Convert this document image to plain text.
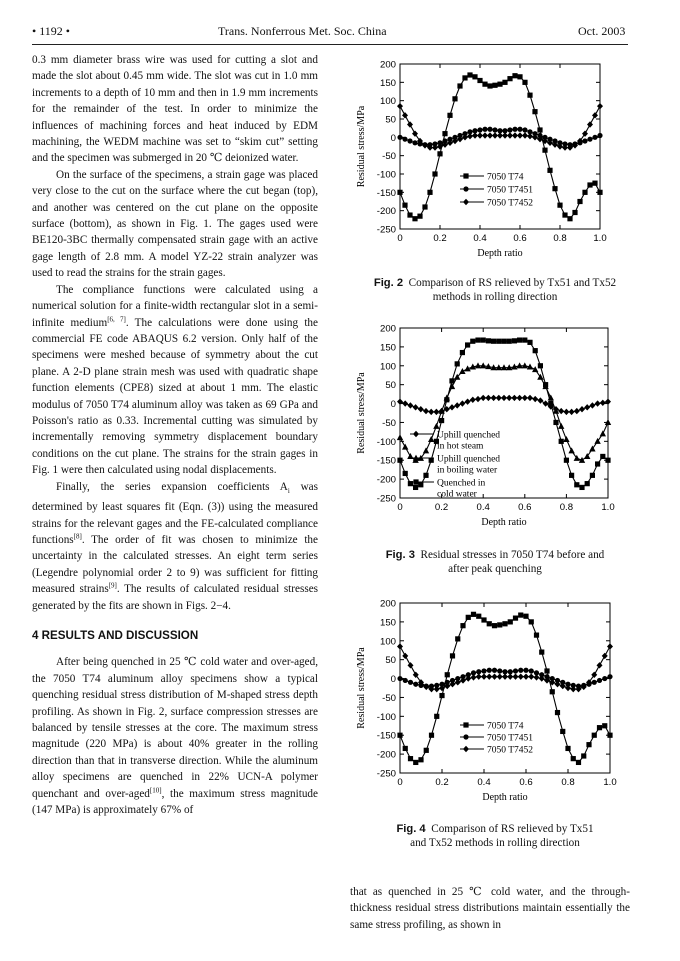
• 1192 •	Trans. Nonferrous Met. Soc. China	Oct. 2003

0.3 mm diameter brass wire was used for cutting a slot and made the slot about 0.45 mm wide. The slot was cut in 1.0 mm increments to a depth of 10 mm and then in 1.9 mm increments for the remainder of the test. In order to minimize the influences of machining forces and heat induced by EDM machining, the WEDM machine was set to “skim cut” setting and the specimen was submerged in 20 ℃ deionized water.

On the surface of the specimens, a strain gage was placed very close to the cut on the surface where the cut began (top), and another was centered on the cut plane on the opposite surface (bottom), as shown in Fig. 1. The gages used were BE120-3BC thermally compensated strain gage with an active gage length of 2.8 mm. A model YZ-22 strain analyzer was used to read the strains for the strain gages.

The compliance functions were calculated using a numerical solution for a finite-width rectangular slot in a semi-infinite medium[6, 7]. The calculations were done using the commercial FE code ABAQUS 6.2 version. Only half of the specimens were meshed because of symmetry about the cut plane. A 2-D plane strain mesh was used with quadratic shape function elements (CPE8) sized at about 1 mm. The elastic modulus of 7050 T74 aluminum alloy was taken as 69 GPa and Poisson's ratio as 0.33. Incremental cutting was simulated by incrementally removing symmetry displacement boundary conditions on the cut plane. The strains for the strain gages in Fig. 1 were then calculated using nodal displacements.

Finally, the series expansion coefficients $A_i$ was determined by least squares fit (Eqn. (3)) using the measured strains for the relevant gages and the FE-calculated compliance functions[8]. The order of fit was chosen to minimize the uncertainty in the calculated stresses. An eight term series (Legendre polynomial order 2 to 9) was sufficient for fitting measured strains[9]. The results of calculated residual stresses generated by the fits are shown in Figs. 2−4.

4 RESULTS AND DISCUSSION

After being quenched in 25 ℃ cold water and over-aged, the 7050 T74 aluminum alloy specimens show a typical quenching residual stress distribution of M-shaped stress depth profiling. As shown in Fig. 2, surface compression stresses are balanced by tensile stresses at the core. The maximum stress magnitude (220 MPa) is about 40% greater in the rolling direction than that in transverse direction. While the aluminum alloy specimens are quenched in 22% UCN-A polymer quenchant and over-aged[10], the maximum stress magnitude (147 MPa) is approximately 67% of

200
150
100
50
0
-50
-100
-150
-200
-250
0	0.2	0.4	0.6	0.8	1.0
Depth ratio
Residual stress/MPa	7050 T74
7050 T7451
7050 T7452
Fig. 2 Comparison of RS relieved by Tx51 and Tx52 methods in rolling direction
200
150
100
50
0
-50
-100
-150
-200
-250
0	0.2	0.4	0.6	0.8	1.0
Depth ratio
Residual stress/MPa	Uphill quenched
in hot steam
Uphill quenched
in boiling water
Quenched in
cold water
Fig. 3 Residual stresses in 7050 T74 before and after peak quenching
200
150
100
50
0
-50
-100
-150
-200
-250
0	0.2	0.4	0.6	0.8	1.0
Depth ratio
Residual stress/MPa	7050 T74
7050 T7451
7050 T7452
Fig. 4 Comparison of RS relieved by Tx51 and Tx52 methods in rolling direction

that as quenched in 25 ℃ cold water, and the through-thickness residual stress distributions maintain essentially the same stress profiling, as shown in
